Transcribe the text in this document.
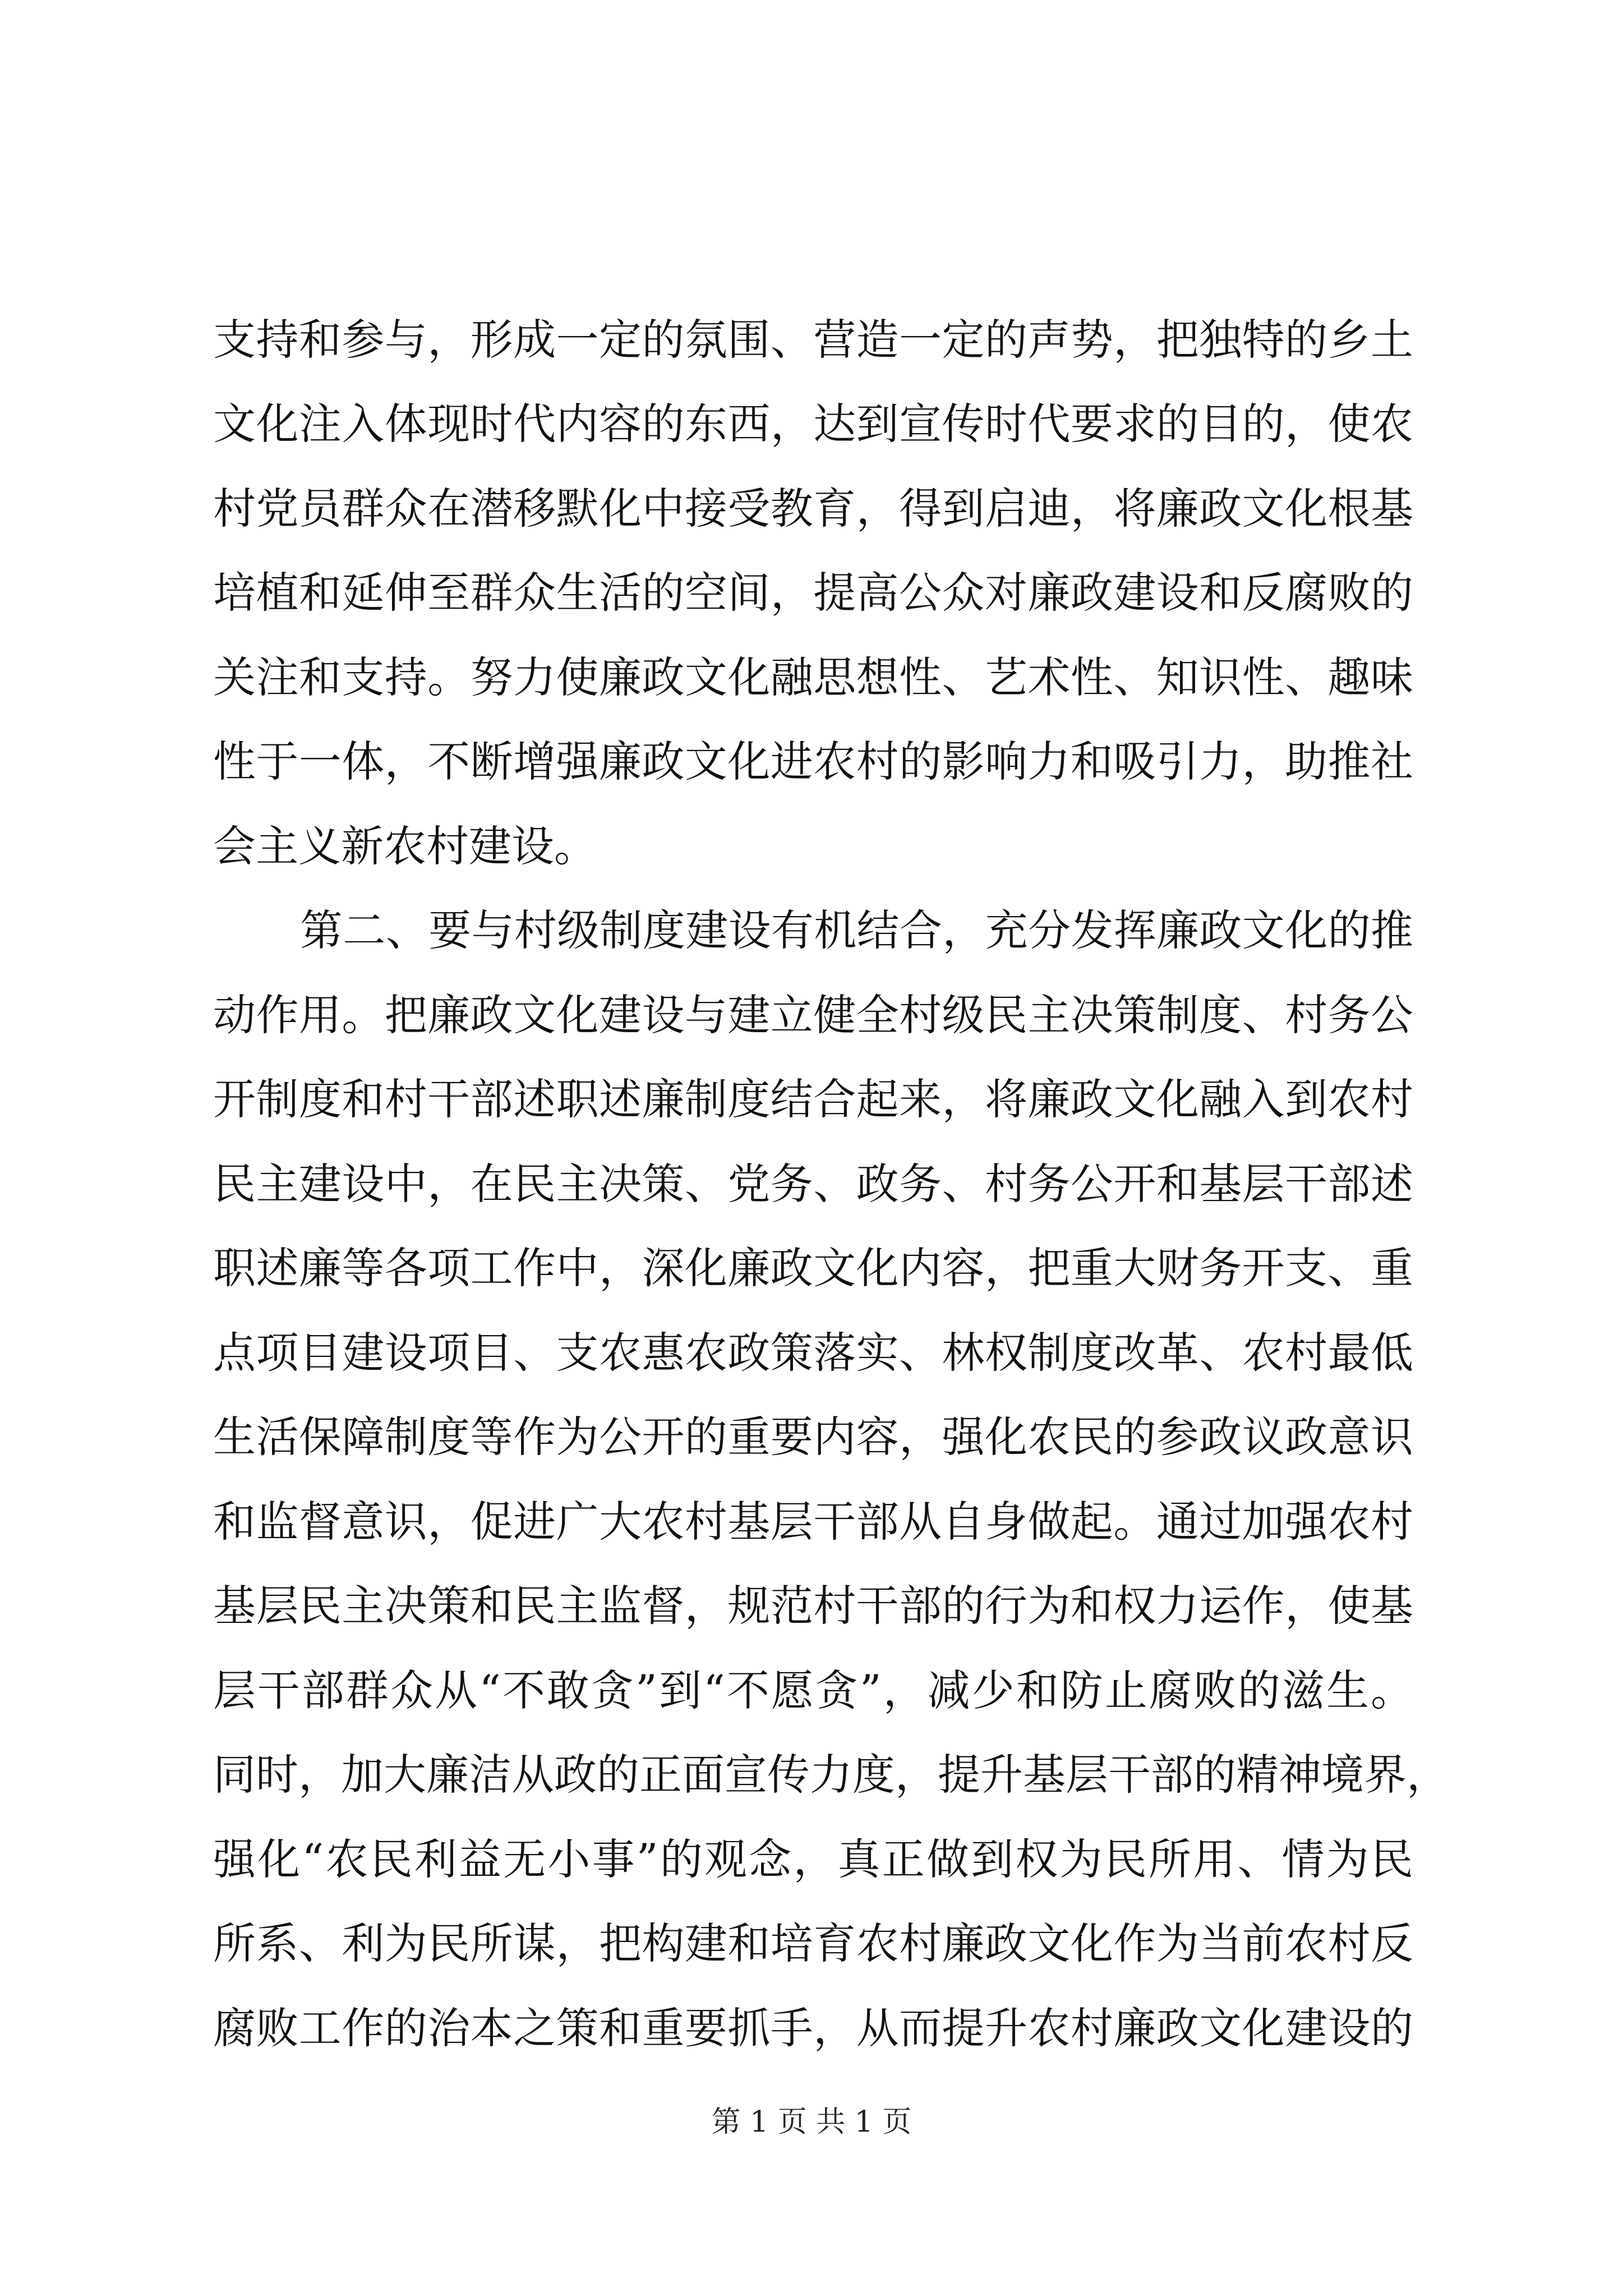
支持和参与，形成一定的氛围、营造一定的声势，把独特的乡土
文化注入体现时代内容的东西，达到宣传时代要求的目的，使农
村党员群众在潜移默化中接受教育，得到启迪，将廉政文化根基
培植和延伸至群众生活的空间，提高公众对廉政建设和反腐败的
关注和支持。努力使廉政文化融思想性、艺术性、知识性、趣味
性于一体，不断增强廉政文化进农村的影响力和吸引力，助推社
会主义新农村建设。
第二、要与村级制度建设有机结合，充分发挥廉政文化的推
动作用。把廉政文化建设与建立健全村级民主决策制度、村务公
开制度和村干部述职述廉制度结合起来，将廉政文化融入到农村
民主建设中，在民主决策、党务、政务、村务公开和基层干部述
职述廉等各项工作中，深化廉政文化内容，把重大财务开支、重
点项目建设项目、支农惠农政策落实、林权制度改革、农村最低
生活保障制度等作为公开的重要内容，强化农民的参政议政意识
和监督意识，促进广大农村基层干部从自身做起。通过加强农村
基层民主决策和民主监督，规范村干部的行为和权力运作，使基
层干部群众从“不敢贪”到“不愿贪”，减少和防止腐败的滋生。
同时，加大廉洁从政的正面宣传力度，提升基层干部的精神境界，
强化“农民利益无小事”的观念，真正做到权为民所用、情为民
所系、利为民所谋，把构建和培育农村廉政文化作为当前农村反
腐败工作的治本之策和重要抓手，从而提升农村廉政文化建设的
第 1 页 共 1 页
